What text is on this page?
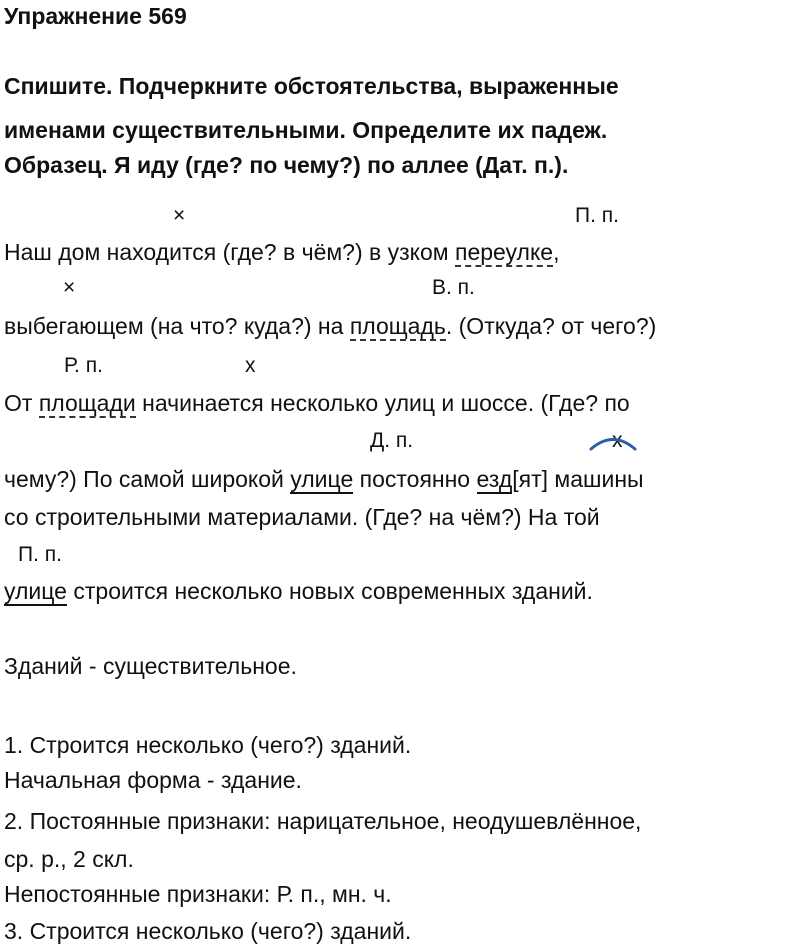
Упражнение 569
Спишите. Подчеркните обстоятельства, выраженные
именами существительными. Определите их падеж.
Образец. Я иду (где? по чему?) по аллее (Дат. п.).
×	П. п.
Наш дом находится (где? в чём?) в узком переулке,
×	В. п.
выбегающем (на что? куда?) на площадь. (Откуда? от чего?)
Р. п.	х
От площади начинается несколько улиц и шоссе. (Где? по
Д. п.	х
чему?) По самой широкой улице постоянно езд[ят] машины
со строительными материалами. (Где? на чём?) На той
П. п.
улице строится несколько новых современных зданий.
Зданий - существительное.
1. Строится несколько (чего?) зданий.
Начальная форма - здание.
2. Постоянные признаки: нарицательное, неодушевлённое,
ср. р., 2 скл.
Непостоянные признаки: Р. п., мн. ч.
3. Строится несколько (чего?) зданий.
